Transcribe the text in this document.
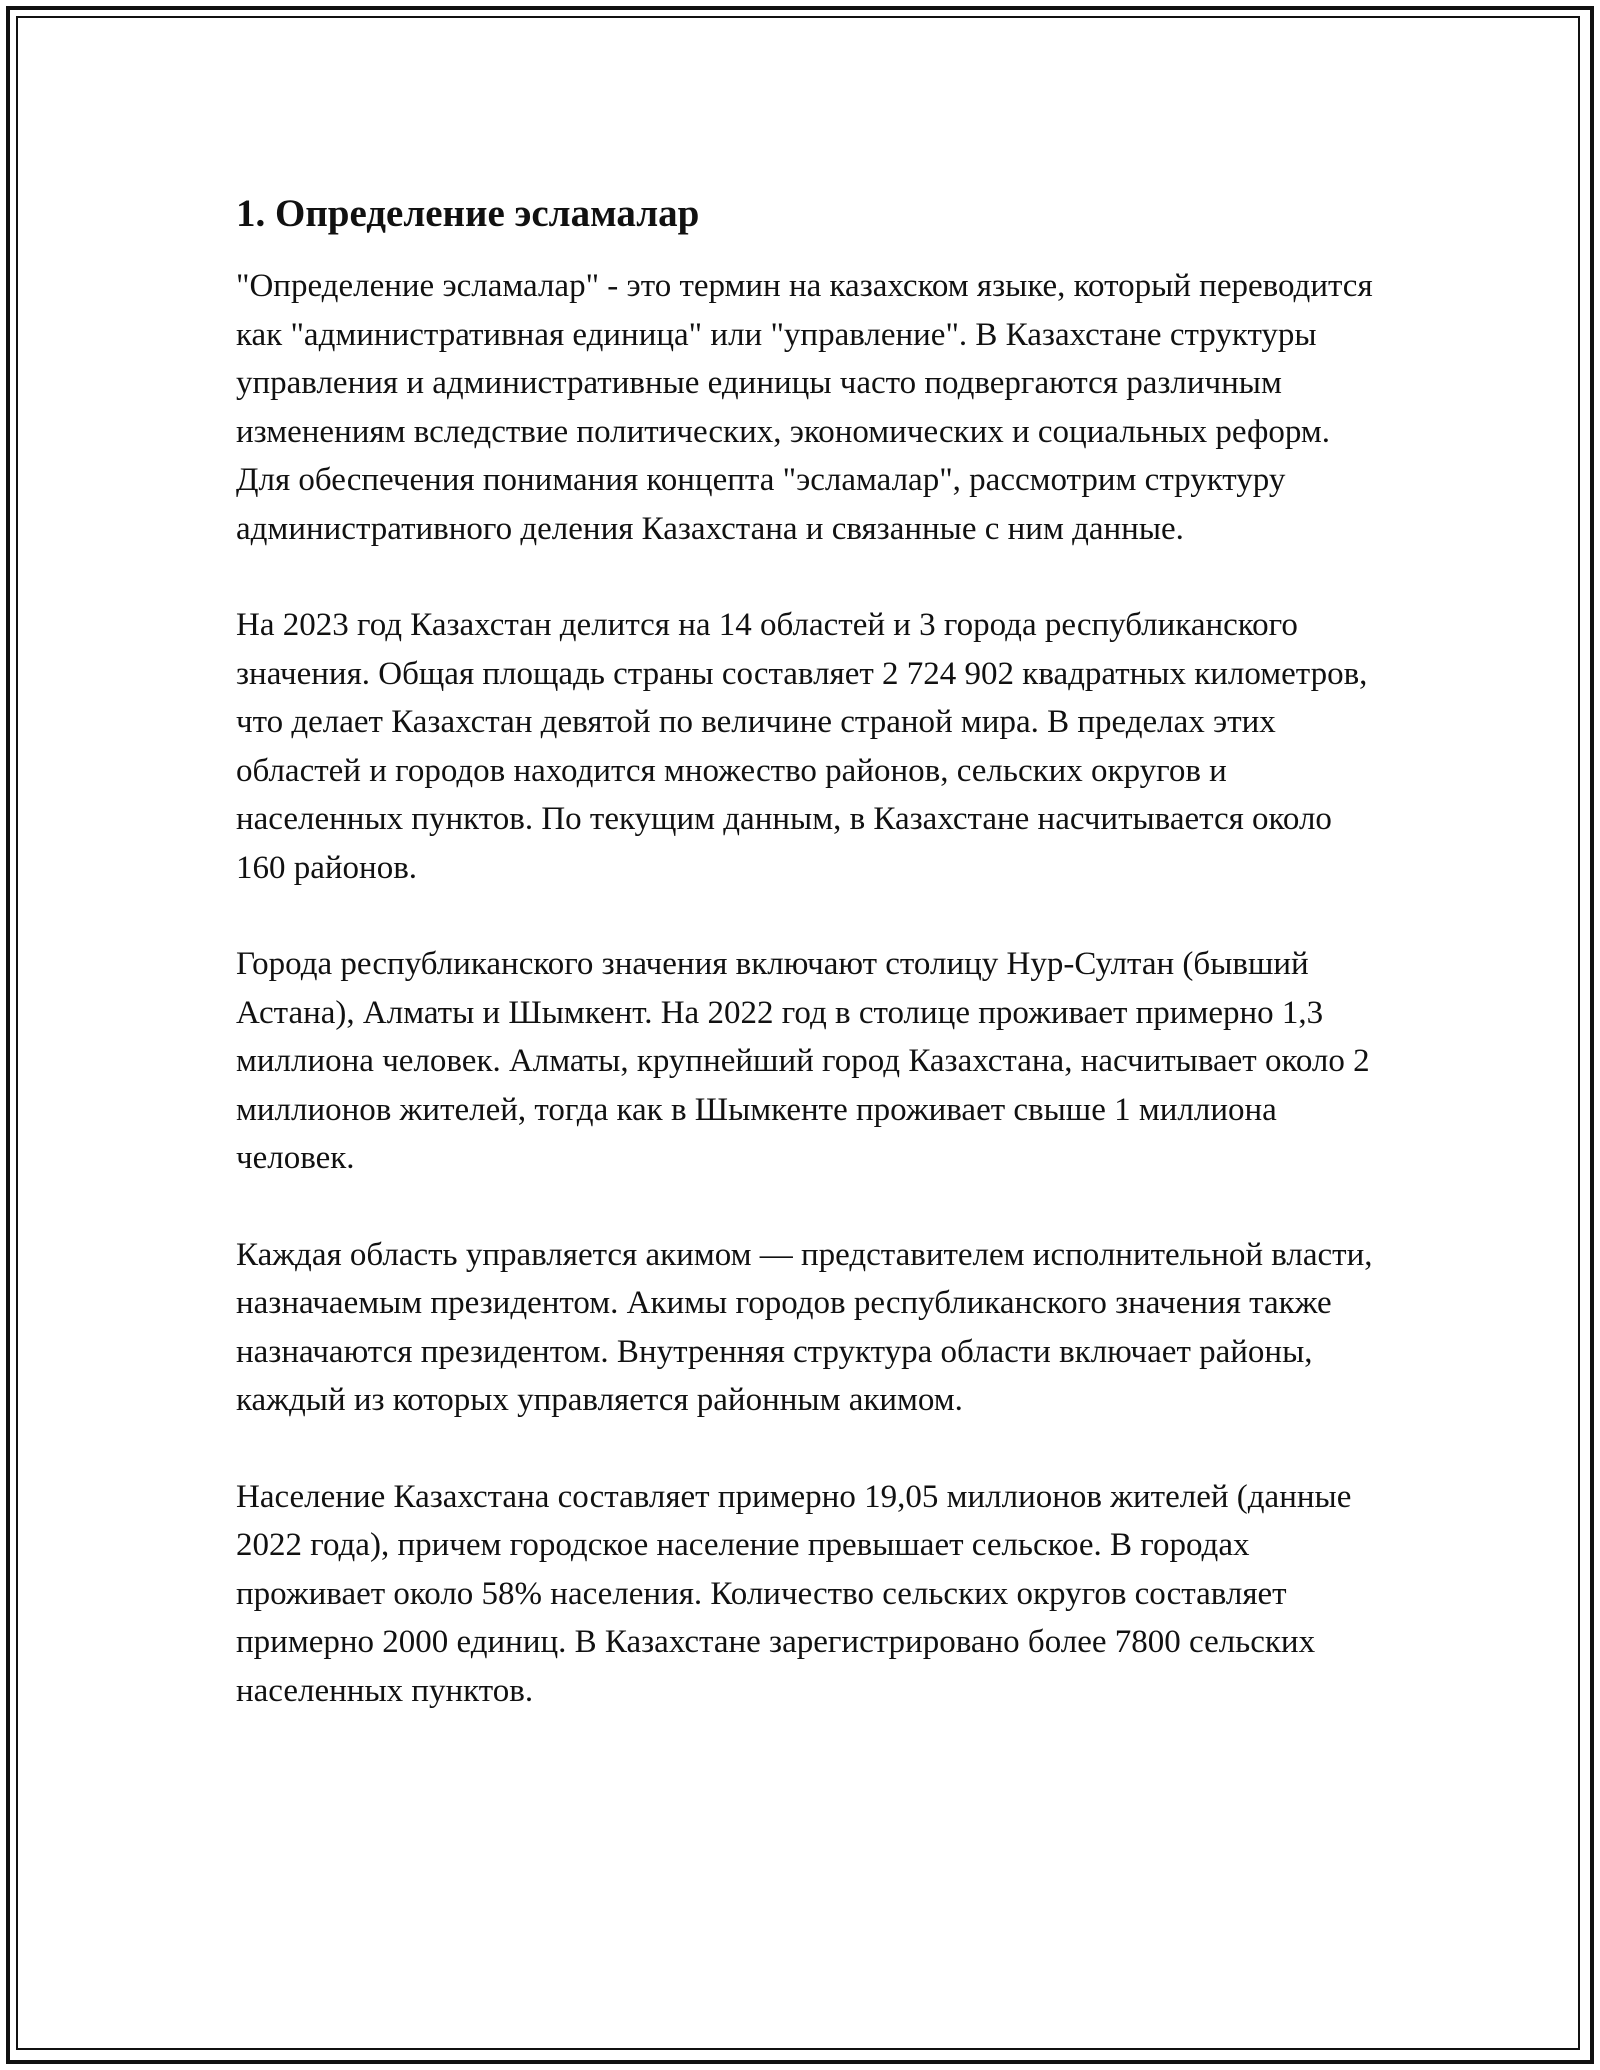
1. Определение эсламалар

"Определение эсламалар" - это термин на казахском языке, который переводится как "административная единица" или "управление". В Казахстане структуры управления и административные единицы часто подвергаются различным изменениям вследствие политических, экономических и социальных реформ. Для обеспечения понимания концепта "эсламалар", рассмотрим структуру административного деления Казахстана и связанные с ним данные.

На 2023 год Казахстан делится на 14 областей и 3 города республиканского значения. Общая площадь страны составляет 2 724 902 квадратных километров, что делает Казахстан девятой по величине страной мира. В пределах этих областей и городов находится множество районов, сельских округов и населенных пунктов. По текущим данным, в Казахстане насчитывается около 160 районов.

Города республиканского значения включают столицу Нур-Султан (бывший Астана), Алматы и Шымкент. На 2022 год в столице проживает примерно 1,3 миллиона человек. Алматы, крупнейший город Казахстана, насчитывает около 2 миллионов жителей, тогда как в Шымкенте проживает свыше 1 миллиона человек.

Каждая область управляется акимом — представителем исполнительной власти, назначаемым президентом. Акимы городов республиканского значения также назначаются президентом. Внутренняя структура области включает районы, каждый из которых управляется районным акимом.

Население Казахстана составляет примерно 19,05 миллионов жителей (данные 2022 года), причем городское население превышает сельское. В городах проживает около 58% населения. Количество сельских округов составляет примерно 2000 единиц. В Казахстане зарегистрировано более 7800 сельских населенных пунктов.
